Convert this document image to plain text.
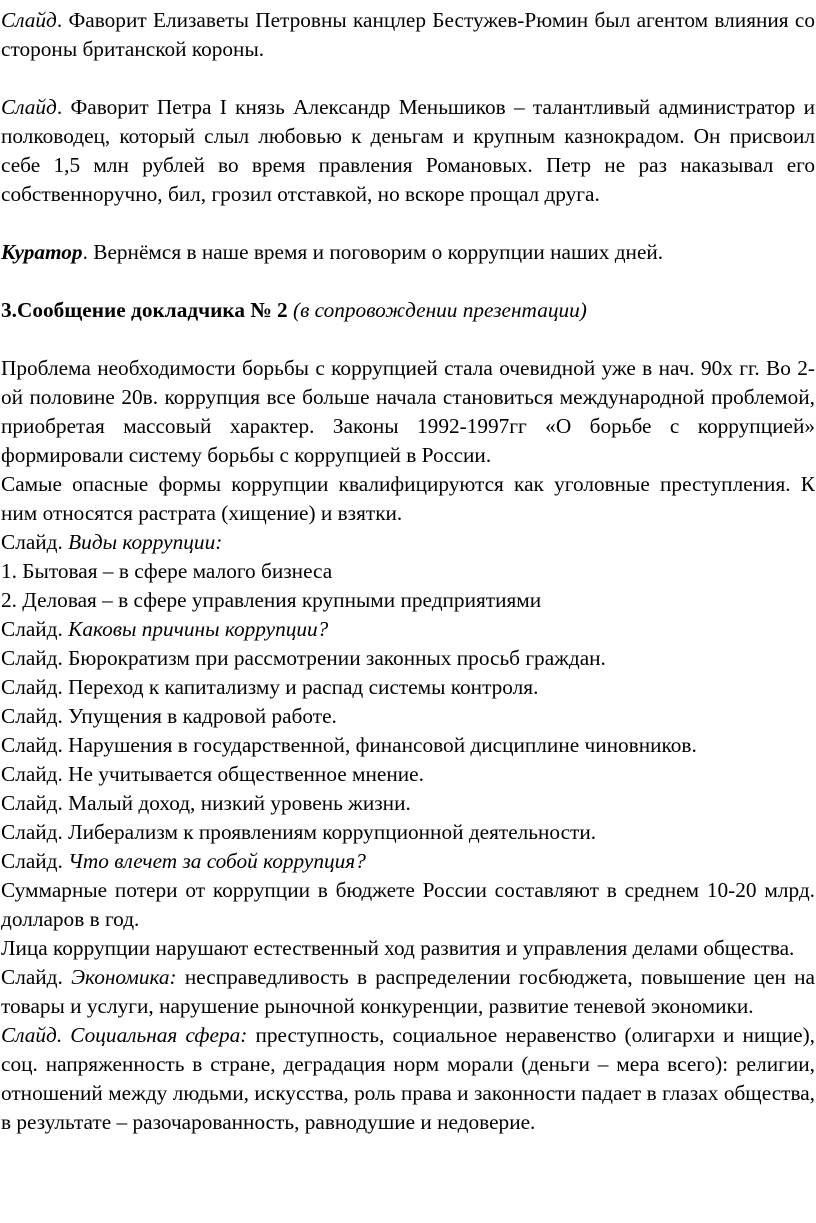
Слайд. Фаворит Елизаветы Петровны канцлер Бестужев-Рюмин был агентом влияния со стороны британской короны.

Слайд. Фаворит Петра I князь Александр Меньшиков – талантливый администратор и полководец, который слыл любовью к деньгам и крупным казнокрадом. Он присвоил себе 1,5 млн рублей во время правления Романовых. Петр не раз наказывал его собственноручно, бил, грозил отставкой, но вскоре прощал друга.

Куратор. Вернёмся в наше время и поговорим о коррупции наших дней.

3.Сообщение докладчика № 2 (в сопровождении презентации)

Проблема необходимости борьбы с коррупцией стала очевидной уже в нач. 90х гг. Во 2-ой половине 20в. коррупция все больше начала становиться международной проблемой, приобретая массовый характер. Законы 1992-1997гг «О борьбе с коррупцией» формировали систему борьбы с коррупцией в России.

Самые опасные формы коррупции квалифицируются как уголовные преступления. К ним относятся растрата (хищение) и взятки.

Слайд. Виды коррупции:

1. Бытовая – в сфере малого бизнеса

2. Деловая – в сфере управления крупными предприятиями

Слайд. Каковы причины коррупции?

Слайд. Бюрократизм при рассмотрении законных просьб граждан.

Слайд. Переход к капитализму и распад системы контроля.

Слайд. Упущения в кадровой работе.

Слайд. Нарушения в государственной, финансовой дисциплине чиновников.

Слайд. Не учитывается общественное мнение.

Слайд. Малый доход, низкий уровень жизни.

Слайд. Либерализм к проявлениям коррупционной деятельности.

Слайд. Что влечет за собой коррупция?

Суммарные потери от коррупции в бюджете России составляют в среднем 10-20 млрд. долларов в год.

Лица коррупции нарушают естественный ход развития и управления делами общества.

Слайд. Экономика: несправедливость в распределении госбюджета, повышение цен на товары и услуги, нарушение рыночной конкуренции, развитие теневой экономики.

Слайд. Социальная сфера: преступность, социальное неравенство (олигархи и нищие), соц. напряженность в стране, деградация норм морали (деньги – мера всего): религии, отношений между людьми, искусства, роль права и законности падает в глазах общества, в результате – разочарованность, равнодушие и недоверие.
